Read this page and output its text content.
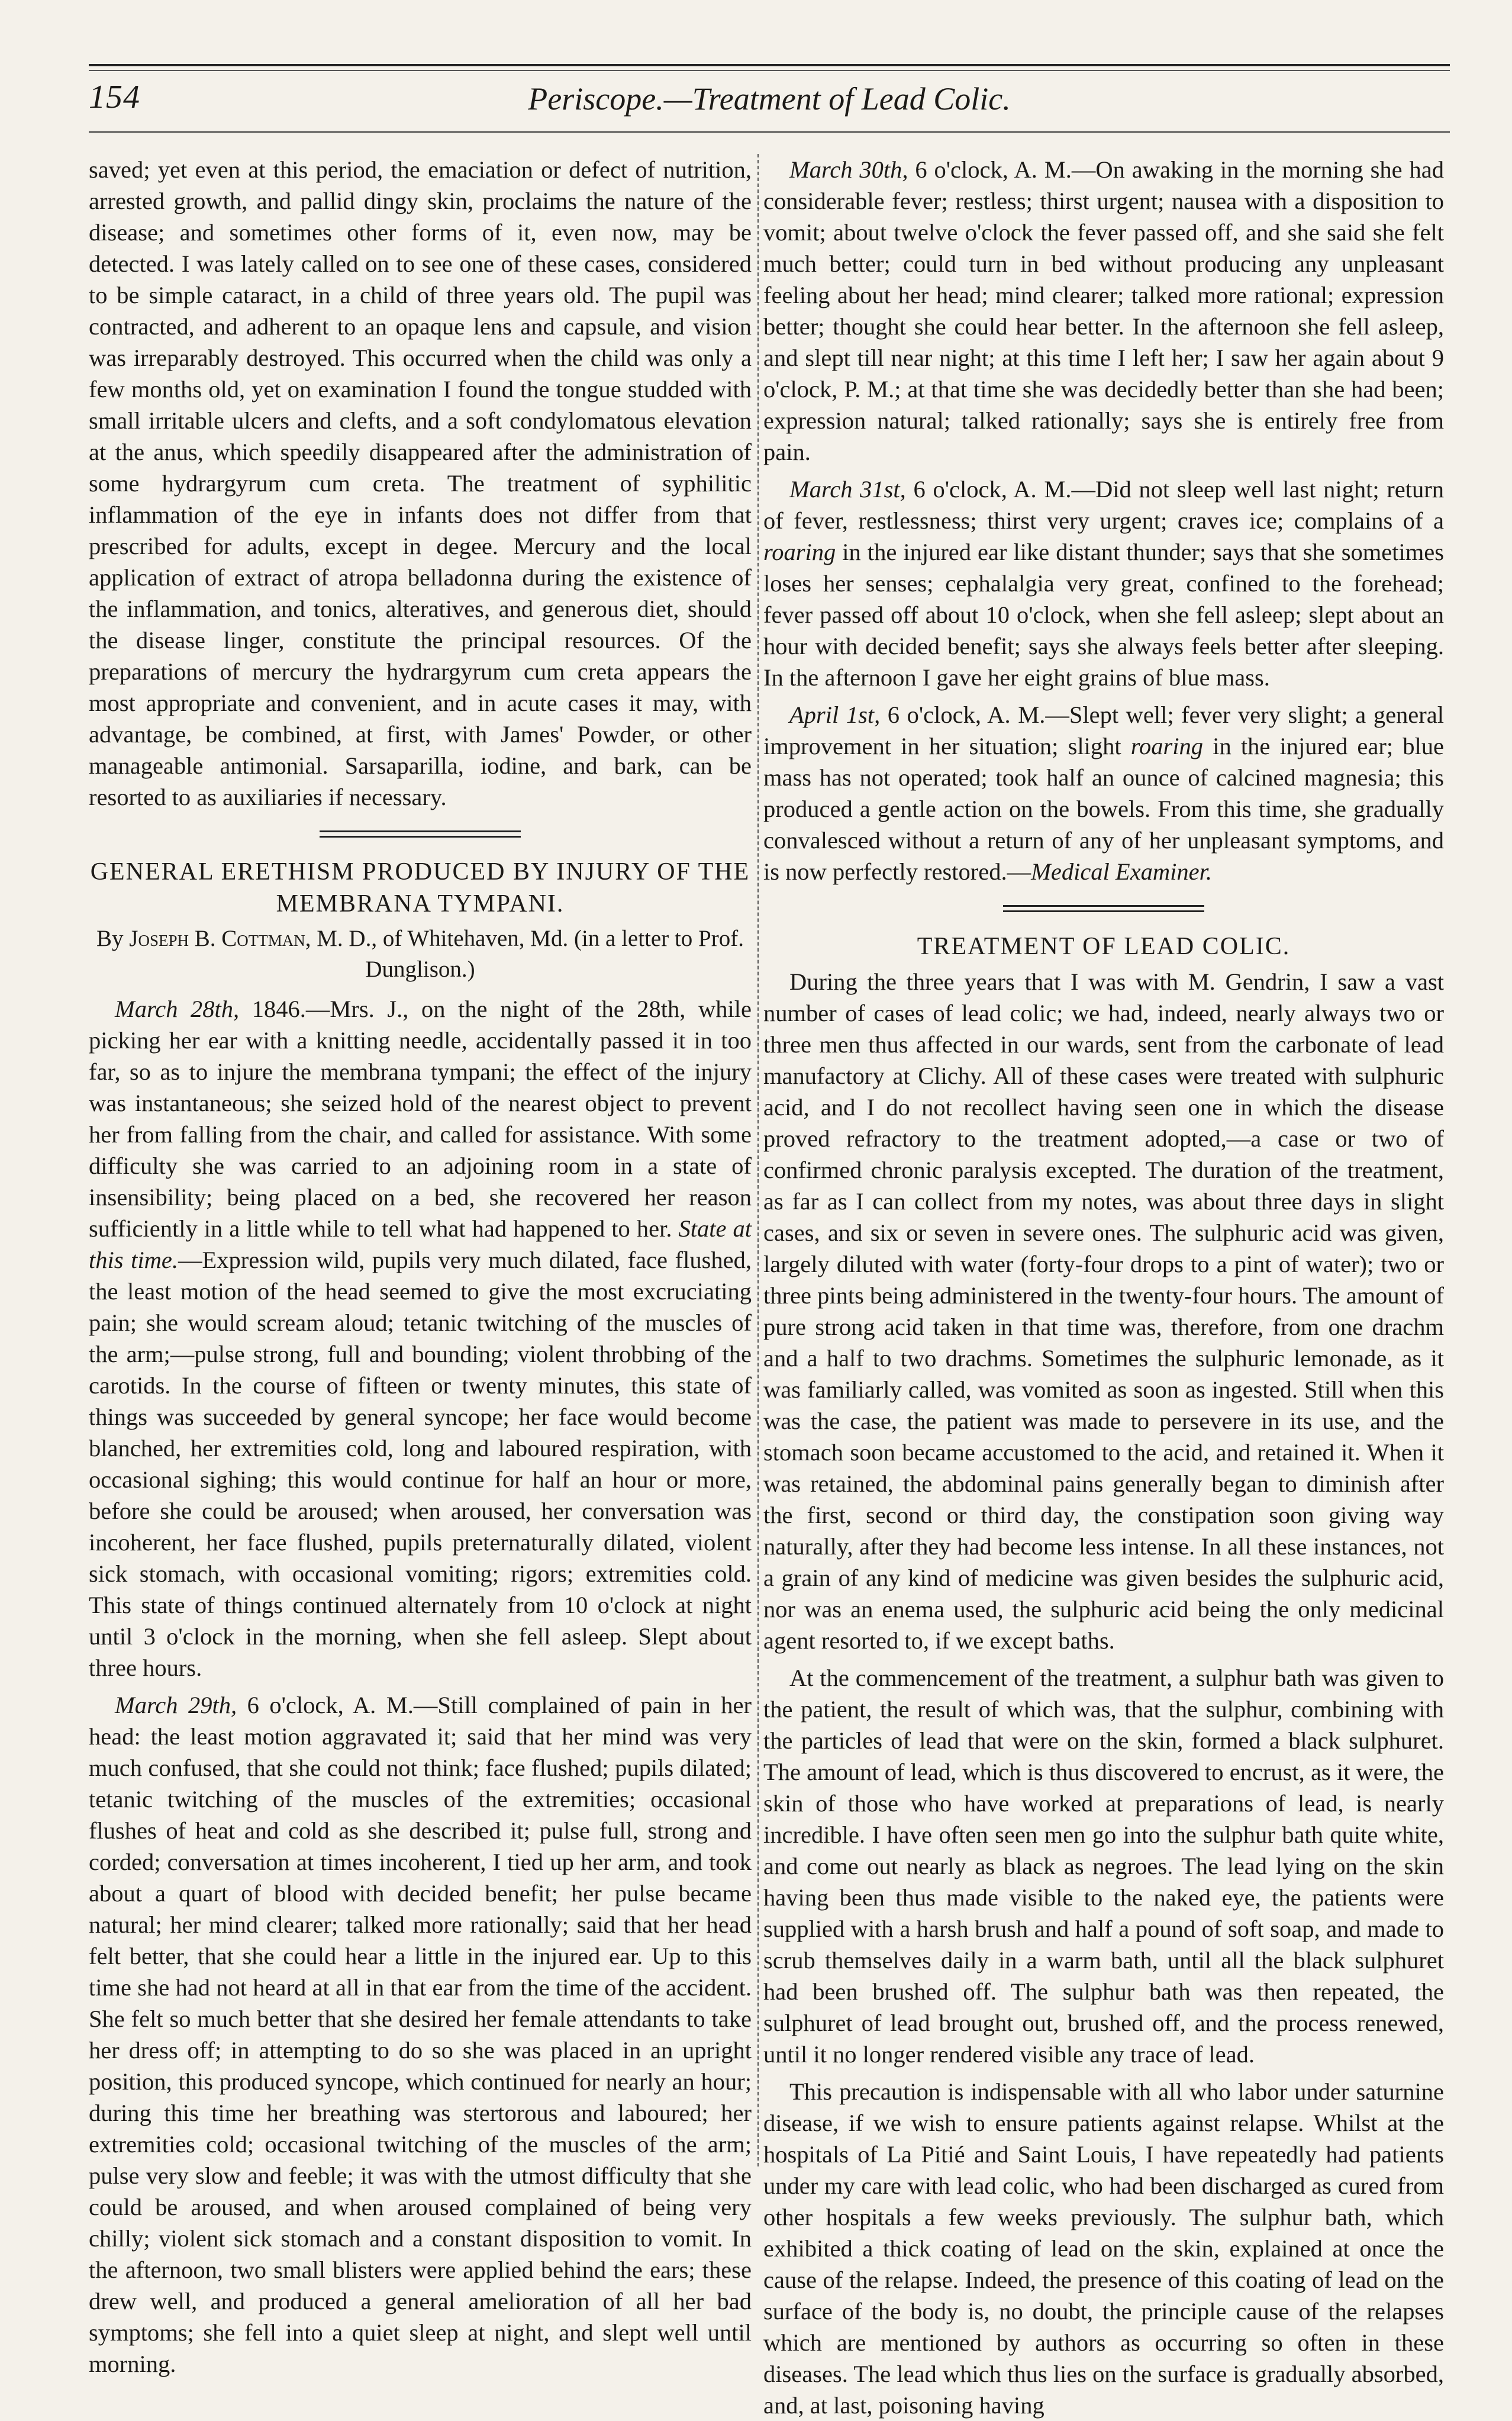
154	Periscope.—Treatment of Lead Colic.

saved; yet even at this period, the emaciation or defect of nutrition, arrested growth, and pallid dingy skin, proclaims the nature of the disease; and sometimes other forms of it, even now, may be detected. I was lately called on to see one of these cases, considered to be simple cataract, in a child of three years old. The pupil was contracted, and adherent to an opaque lens and capsule, and vision was irreparably destroyed. This occurred when the child was only a few months old, yet on examination I found the tongue studded with small irritable ulcers and clefts, and a soft condylomatous elevation at the anus, which speedily disappeared after the administration of some hydrargyrum cum creta. The treatment of syphilitic inflammation of the eye in infants does not differ from that prescribed for adults, except in degee. Mercury and the local application of extract of atropa belladonna during the existence of the inflammation, and tonics, alteratives, and generous diet, should the disease linger, constitute the principal resources. Of the preparations of mercury the hydrargyrum cum creta appears the most appropriate and convenient, and in acute cases it may, with advantage, be combined, at first, with James' Powder, or other manageable antimonial. Sarsaparilla, iodine, and bark, can be resorted to as auxiliaries if necessary.

GENERAL ERETHISM PRODUCED BY INJURY OF THE MEMBRANA TYMPANI.
By Joseph B. Cottman, M. D., of Whitehaven, Md. (in a letter to Prof. Dunglison.)

March 28th, 1846.—Mrs. J., on the night of the 28th, while picking her ear with a knitting needle, accidentally passed it in too far, so as to injure the membrana tympani; the effect of the injury was instantaneous; she seized hold of the nearest object to prevent her from falling from the chair, and called for assistance. With some difficulty she was carried to an adjoining room in a state of insensibility; being placed on a bed, she recovered her reason sufficiently in a little while to tell what had happened to her. State at this time.—Expression wild, pupils very much dilated, face flushed, the least motion of the head seemed to give the most excruciating pain; she would scream aloud; tetanic twitching of the muscles of the arm;—pulse strong, full and bounding; violent throbbing of the carotids. In the course of fifteen or twenty minutes, this state of things was succeeded by general syncope; her face would become blanched, her extremities cold, long and laboured respiration, with occasional sighing; this would continue for half an hour or more, before she could be aroused; when aroused, her conversation was incoherent, her face flushed, pupils preternaturally dilated, violent sick stomach, with occasional vomiting; rigors; extremities cold. This state of things continued alternately from 10 o'clock at night until 3 o'clock in the morning, when she fell asleep. Slept about three hours.

March 29th, 6 o'clock, A. M.—Still complained of pain in her head: the least motion aggravated it; said that her mind was very much confused, that she could not think; face flushed; pupils dilated; tetanic twitching of the muscles of the extremities; occasional flushes of heat and cold as she described it; pulse full, strong and corded; conversation at times incoherent, I tied up her arm, and took about a quart of blood with decided benefit; her pulse became natural; her mind clearer; talked more rationally; said that her head felt better, that she could hear a little in the injured ear. Up to this time she had not heard at all in that ear from the time of the accident. She felt so much better that she desired her female attendants to take her dress off; in attempting to do so she was placed in an upright position, this produced syncope, which continued for nearly an hour; during this time her breathing was stertorous and laboured; her extremities cold; occasional twitching of the muscles of the arm; pulse very slow and feeble; it was with the utmost difficulty that she could be aroused, and when aroused complained of being very chilly; violent sick stomach and a constant disposition to vomit. In the afternoon, two small blisters were applied behind the ears; these drew well, and produced a general amelioration of all her bad symptoms; she fell into a quiet sleep at night, and slept well until morning.

March 30th, 6 o'clock, A. M.—On awaking in the morning she had considerable fever; restless; thirst urgent; nausea with a disposition to vomit; about twelve o'clock the fever passed off, and she said she felt much better; could turn in bed without producing any unpleasant feeling about her head; mind clearer; talked more rational; expression better; thought she could hear better. In the afternoon she fell asleep, and slept till near night; at this time I left her; I saw her again about 9 o'clock, P. M.; at that time she was decidedly better than she had been; expression natural; talked rationally; says she is entirely free from pain.

March 31st, 6 o'clock, A. M.—Did not sleep well last night; return of fever, restlessness; thirst very urgent; craves ice; complains of a roaring in the injured ear like distant thunder; says that she sometimes loses her senses; cephalalgia very great, confined to the forehead; fever passed off about 10 o'clock, when she fell asleep; slept about an hour with decided benefit; says she always feels better after sleeping. In the afternoon I gave her eight grains of blue mass.

April 1st, 6 o'clock, A. M.—Slept well; fever very slight; a general improvement in her situation; slight roaring in the injured ear; blue mass has not operated; took half an ounce of calcined magnesia; this produced a gentle action on the bowels. From this time, she gradually convalesced without a return of any of her unpleasant symptoms, and is now perfectly restored.—Medical Examiner.

TREATMENT OF LEAD COLIC.

During the three years that I was with M. Gendrin, I saw a vast number of cases of lead colic; we had, indeed, nearly always two or three men thus affected in our wards, sent from the carbonate of lead manufactory at Clichy. All of these cases were treated with sulphuric acid, and I do not recollect having seen one in which the disease proved refractory to the treatment adopted,—a case or two of confirmed chronic paralysis excepted. The duration of the treatment, as far as I can collect from my notes, was about three days in slight cases, and six or seven in severe ones. The sulphuric acid was given, largely diluted with water (forty-four drops to a pint of water); two or three pints being administered in the twenty-four hours. The amount of pure strong acid taken in that time was, therefore, from one drachm and a half to two drachms. Sometimes the sulphuric lemonade, as it was familiarly called, was vomited as soon as ingested. Still when this was the case, the patient was made to persevere in its use, and the stomach soon became accustomed to the acid, and retained it. When it was retained, the abdominal pains generally began to diminish after the first, second or third day, the constipation soon giving way naturally, after they had become less intense. In all these instances, not a grain of any kind of medicine was given besides the sulphuric acid, nor was an enema used, the sulphuric acid being the only medicinal agent resorted to, if we except baths.

At the commencement of the treatment, a sulphur bath was given to the patient, the result of which was, that the sulphur, combining with the particles of lead that were on the skin, formed a black sulphuret. The amount of lead, which is thus discovered to encrust, as it were, the skin of those who have worked at preparations of lead, is nearly incredible. I have often seen men go into the sulphur bath quite white, and come out nearly as black as negroes. The lead lying on the skin having been thus made visible to the naked eye, the patients were supplied with a harsh brush and half a pound of soft soap, and made to scrub themselves daily in a warm bath, until all the black sulphuret had been brushed off. The sulphur bath was then repeated, the sulphuret of lead brought out, brushed off, and the process renewed, until it no longer rendered visible any trace of lead.

This precaution is indispensable with all who labor under saturnine disease, if we wish to ensure patients against relapse. Whilst at the hospitals of La Pitié and Saint Louis, I have repeatedly had patients under my care with lead colic, who had been discharged as cured from other hospitals a few weeks previously. The sulphur bath, which exhibited a thick coating of lead on the skin, explained at once the cause of the relapse. Indeed, the presence of this coating of lead on the surface of the body is, no doubt, the principle cause of the relapses which are mentioned by authors as occurring so often in these diseases. The lead which thus lies on the surface is gradually absorbed, and, at last, poisoning having
